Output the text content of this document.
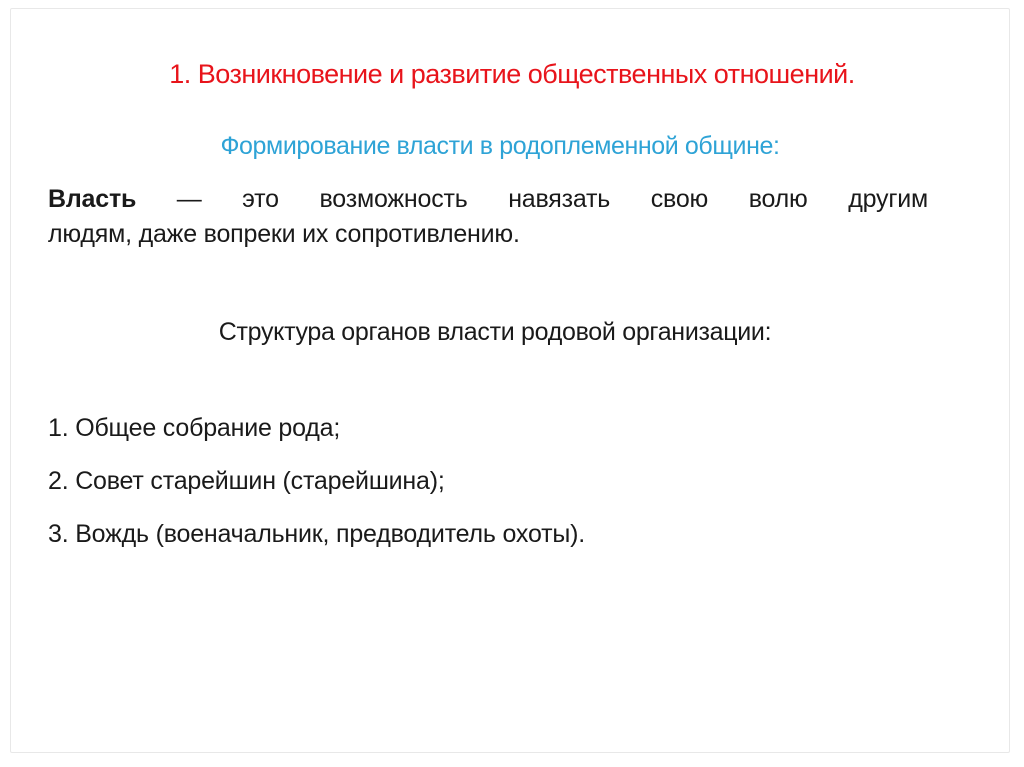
1. Возникновение и развитие общественных отношений.
Формирование власти в родоплеменной общине:
Власть — это возможность навязать свою волю другим
людям, даже вопреки их сопротивлению.
Структура органов власти родовой организации:
1. Общее собрание рода;
2. Совет старейшин (старейшина);
3. Вождь (военачальник, предводитель охоты).
